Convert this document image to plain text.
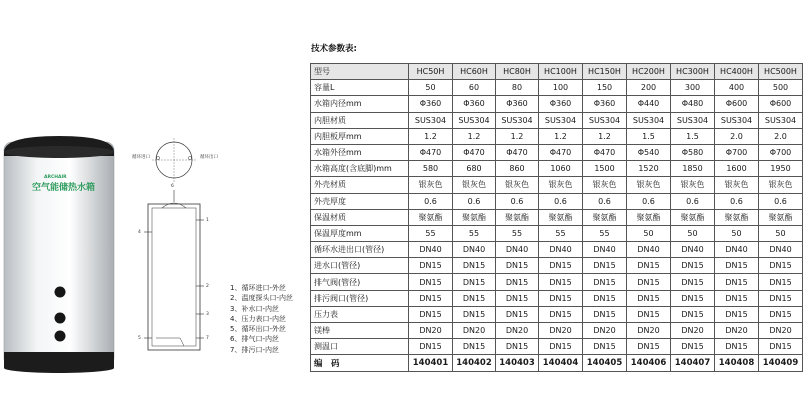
ARCHAIR
空气能储热水箱
循环进口	循环出口
4
1
2
3
5	7
6
1、循环进口-外丝
2、温度探头口-内丝
3、补水口-内丝
4、压力表口-内丝
5、循环出口-外丝
6、排气口-内丝
7、排污口-内丝
技术参数表:
型号	HC50H	HC60H	HC80H	HC100H	HC150H	HC200H	HC300H	HC400H	HC500H
容量L	50	60	80	100	150	200	300	400	500
水箱内径mm	Φ360	Φ360	Φ360	Φ360	Φ360	Φ440	Φ480	Φ600	Φ600
内胆材质	SUS304	SUS304	SUS304	SUS304	SUS304	SUS304	SUS304	SUS304	SUS304
内胆板厚mm	1.2	1.2	1.2	1.2	1.2	1.5	1.5	2.0	2.0
水箱外径mm	Φ470	Φ470	Φ470	Φ470	Φ470	Φ540	Φ580	Φ700	Φ700
水箱高度(含底脚)mm	580	680	860	1060	1500	1520	1850	1600	1950
外壳材质	银灰色	银灰色	银灰色	银灰色	银灰色	银灰色	银灰色	银灰色	银灰色
外壳厚度	0.6	0.6	0.6	0.6	0.6	0.6	0.6	0.6	0.6
保温材质	聚氨酯	聚氨酯	聚氨酯	聚氨酯	聚氨酯	聚氨酯	聚氨酯	聚氨酯	聚氨酯
保温厚度mm	55	55	55	55	55	50	50	50	50
循环水进出口(管径)	DN40	DN40	DN40	DN40	DN40	DN40	DN40	DN40	DN40
进水口(管径)	DN15	DN15	DN15	DN15	DN15	DN15	DN15	DN15	DN15
排气阀(管径)	DN15	DN15	DN15	DN15	DN15	DN15	DN15	DN15	DN15
排污阀口(管径)	DN15	DN15	DN15	DN15	DN15	DN15	DN15	DN15	DN15
压力表	DN15	DN15	DN15	DN15	DN15	DN15	DN15	DN15	DN15
镁棒	DN20	DN20	DN20	DN20	DN20	DN20	DN20	DN20	DN20
测温口	DN15	DN15	DN15	DN15	DN15	DN15	DN15	DN15	DN15
编　码	140401	140402	140403	140404	140405	140406	140407	140408	140409
